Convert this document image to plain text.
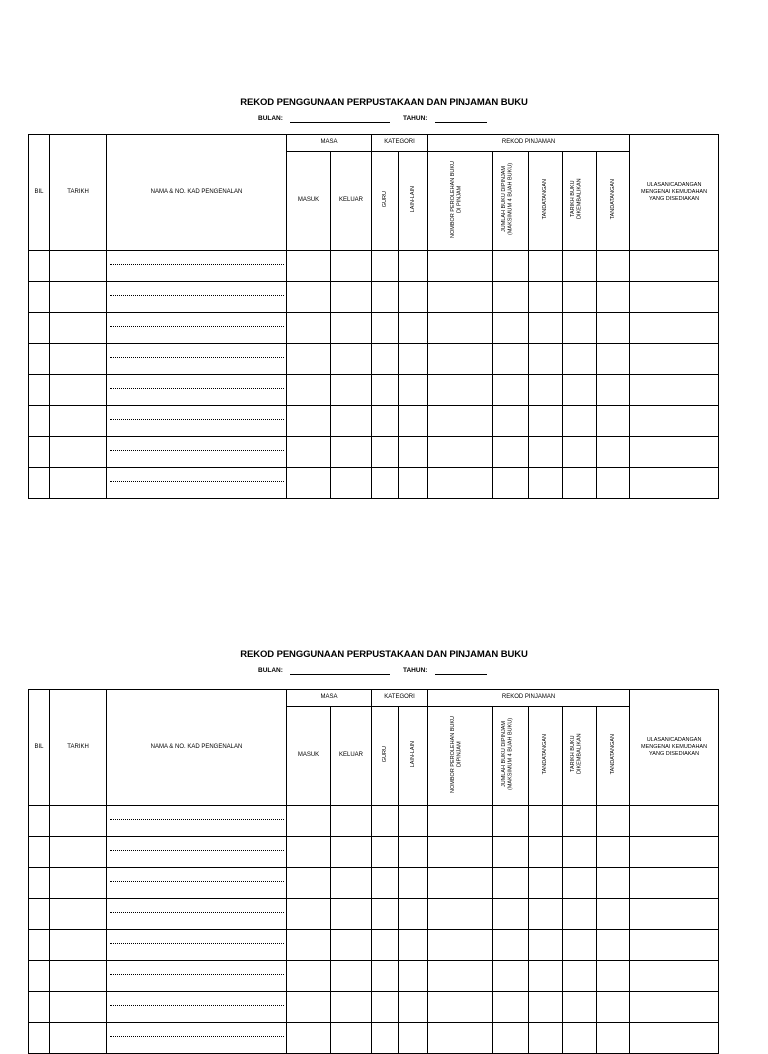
REKOD PENGGUNAAN PERPUSTAKAAN DAN PINJAMAN BUKU
BULAN:	TAHUN:
BIL	TARIKH	NAMA & NO. KAD PENGENALAN	MASA		KATEGORI		REKOD PINJAMAN					ULASAN/CADANGAN MENGENAI KEMUDAHAN YANG DISEDIAKAN
			MASUK	KELUAR	GURU	LAIN-LAIN	NOMBOR PEROLEHAN BUKU DI PINJAM	JUMLAH BUKU DIPINJAM (MAKSIMUM 4 BUAH BUKU)	TANDATANGAN	TARIKH BUKU DIKEMBALIKAN	TANDATANGAN	

REKOD PENGGUNAAN PERPUSTAKAAN DAN PINJAMAN BUKU
BULAN:	TAHUN:
BIL	TARIKH	NAMA & NO. KAD PENGENALAN	MASA		KATEGORI		REKOD PINJAMAN					ULASAN/CADANGAN MENGENAI KEMUDAHAN YANG DISEDIAKAN
			MASUK	KELUAR	GURU	LAIN-LAIN	NOMBOR PEROLEHAN BUKU DIPINJAM	JUMLAH BUKU DIPINJAM (MAKSIMUM 4 BUAH BUKU)	TANDATANGAN	TARIKH BUKU DIKEMBALIKAN	TANDATANGAN	
